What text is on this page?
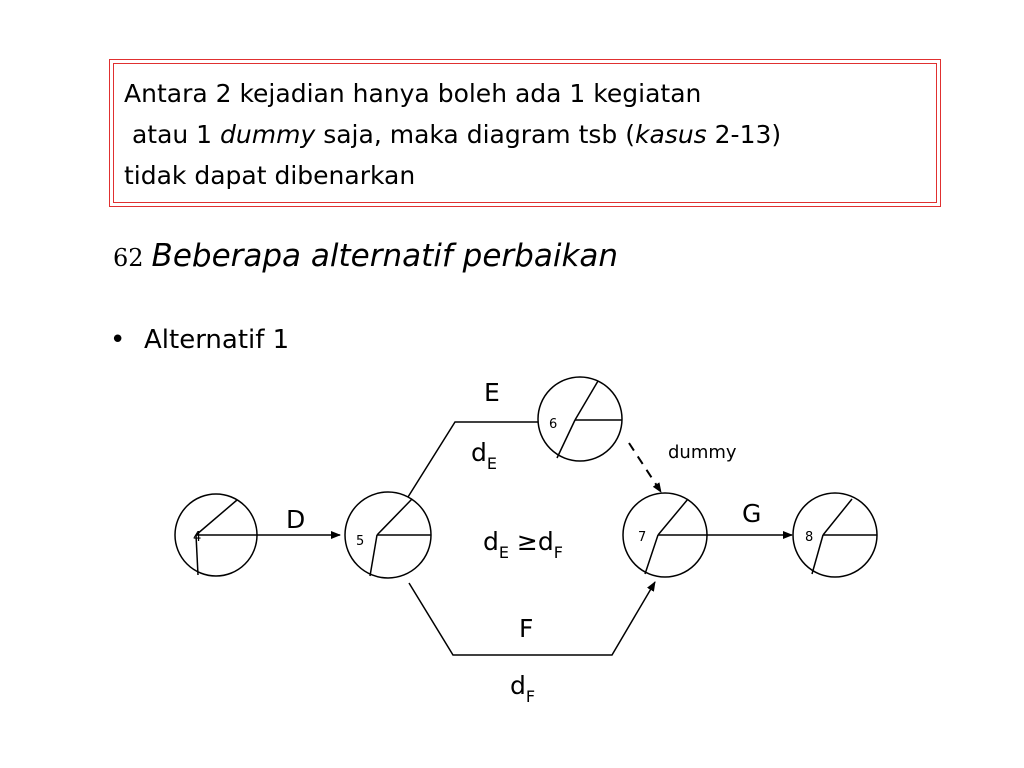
Antara 2 kejadian hanya boleh ada 1 kegiatan
atau 1 dummy saja, maka diagram tsb (kasus 2-13)
tidak dapat dibenarkan
62 Beberapa alternatif perbaikan
• Alternatif 1
4	5
6
7	8
D
E
$d_E$
F
$d_F$
dummy
G
$d_E \ge d_F$
